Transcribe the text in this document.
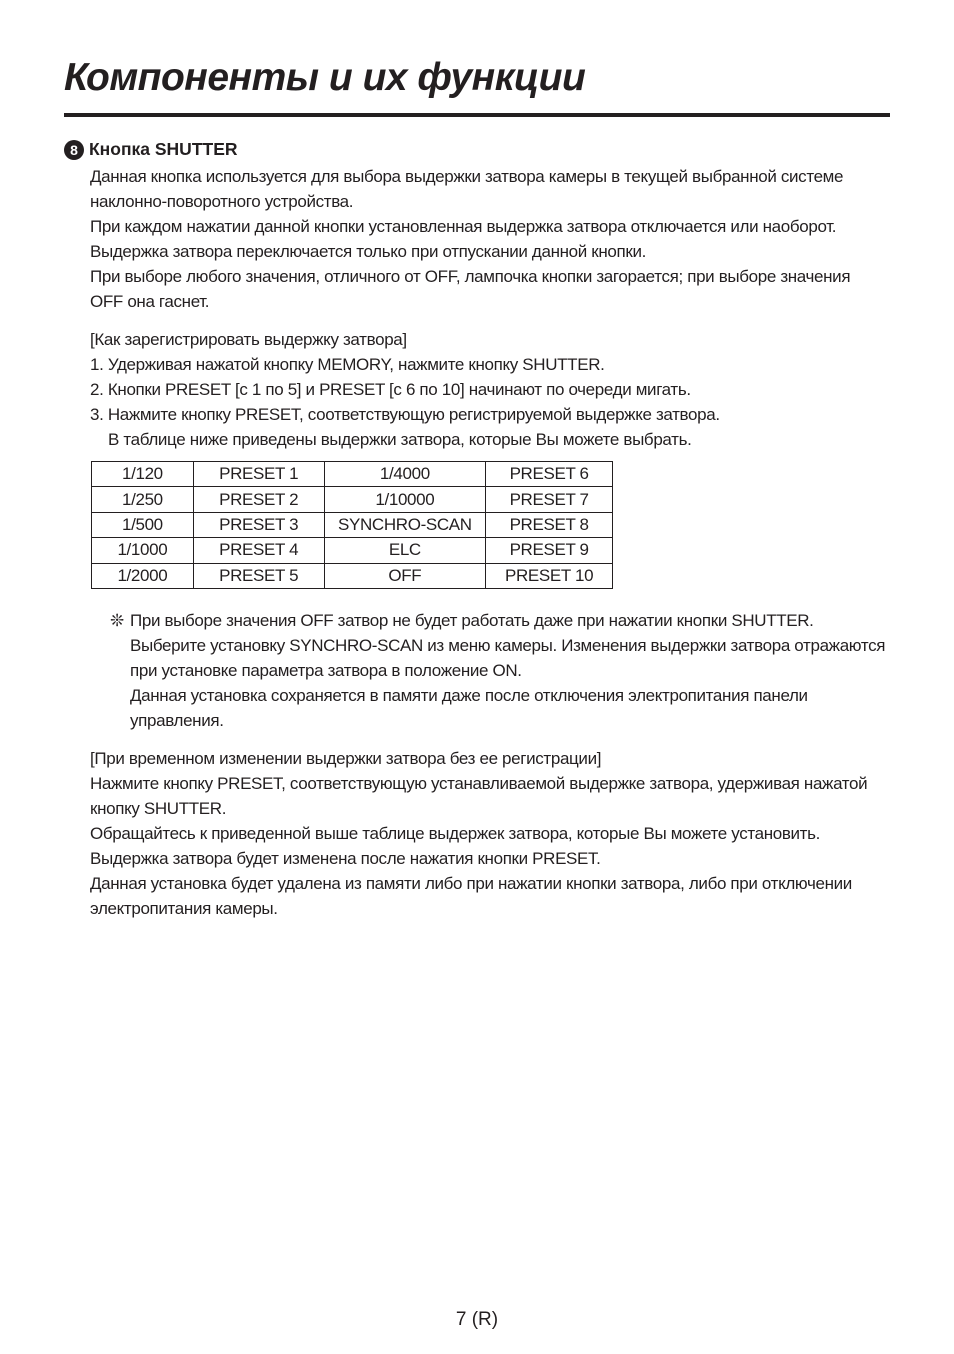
Компоненты и их функции
8 Кнопка SHUTTER

Данная кнопка используется для выбора выдержки затвора камеры в текущей выбранной системе

наклонно-поворотного устройства.

При каждом нажатии данной кнопки установленная выдержка затвора отключается или наоборот.

Выдержка затвора переключается только при отпускании данной кнопки.

При выборе любого значения, отличного от OFF, лампочка кнопки загорается; при выборе значения

OFF она гаснет.

[Как зарегистрировать выдержку затвора]

1. Удерживая нажатой кнопку MEMORY, нажмите кнопку SHUTTER.

2. Кнопки PRESET [с 1 по 5] и PRESET [с 6 по 10] начинают по очереди мигать.

3. Нажмите кнопку PRESET, соответствующую регистрируемой выдержке затвора.

В таблице ниже приведены выдержки затвора, которые Вы можете выбрать.

1/120	PRESET 1	1/4000	PRESET 6
1/250	PRESET 2	1/10000	PRESET 7
1/500	PRESET 3	SYNCHRO-SCAN	PRESET 8
1/1000	PRESET 4	ELC	PRESET 9
1/2000	PRESET 5	OFF	PRESET 10

❊ При выборе значения OFF затвор не будет работать даже при нажатии кнопки SHUTTER.

Выберите установку SYNCHRO-SCAN из меню камеры. Изменения выдержки затвора отражаются

при установке параметра затвора в положение ON.

Данная установка сохраняется в памяти даже после отключения электропитания панели

управления.

[При временном изменении выдержки затвора без ее регистрации]

Нажмите кнопку PRESET, соответствующую устанавливаемой выдержке затвора, удерживая нажатой

кнопку SHUTTER.

Обращайтесь к приведенной выше таблице выдержек затвора, которые Вы можете установить.

Выдержка затвора будет изменена после нажатия кнопки PRESET.

Данная установка будет удалена из памяти либо при нажатии кнопки затвора, либо при отключении

электропитания камеры.

7 (R)
